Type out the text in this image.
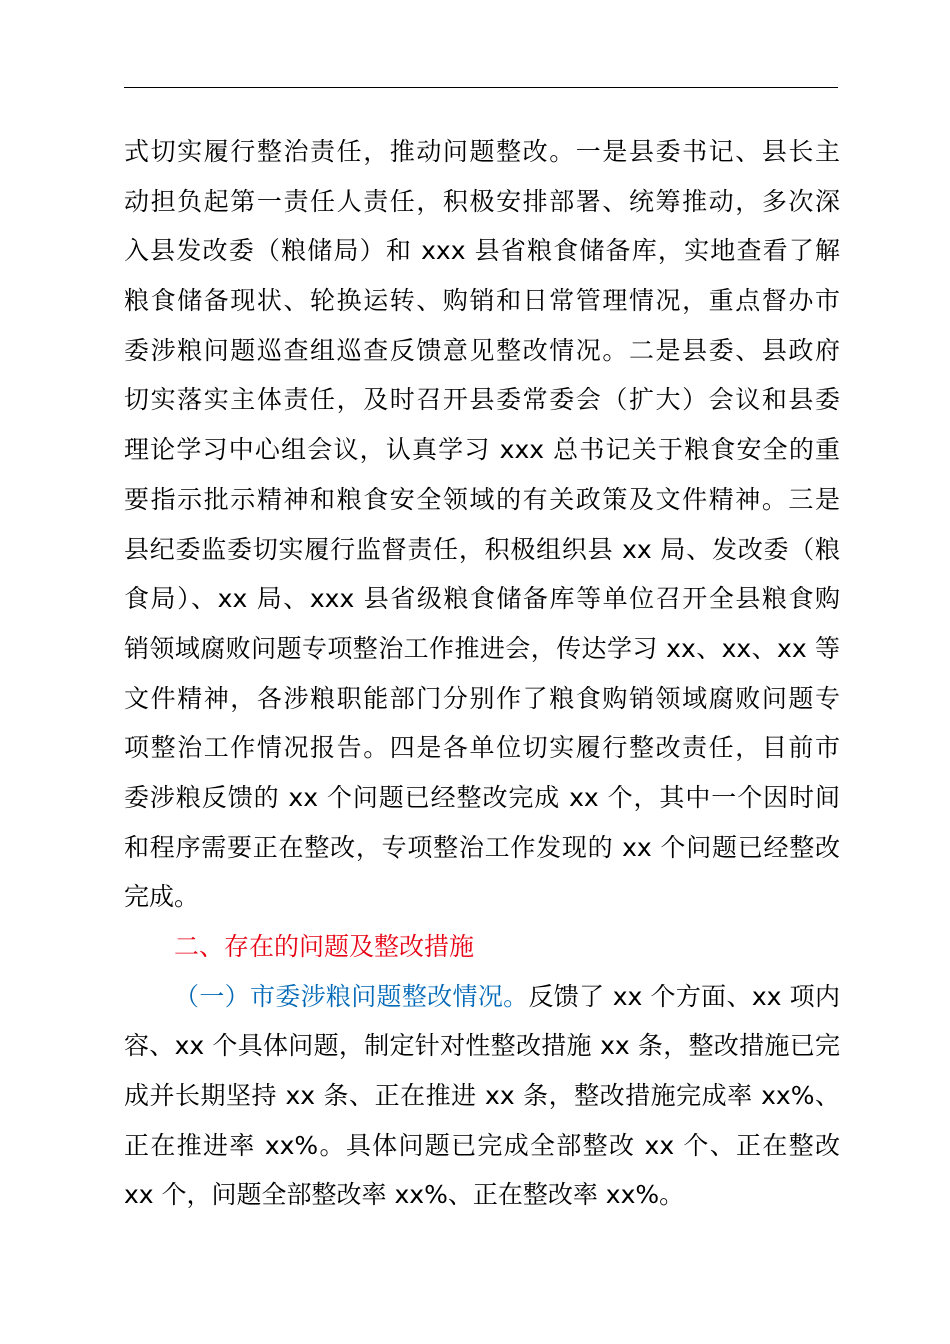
式切实履行整治责任，推动问题整改。一是县委书记、县长主
动担负起第一责任人责任，积极安排部署、统筹推动，多次深
入县发改委（粮储局）和 xxx 县省粮食储备库，实地查看了解
粮食储备现状、轮换运转、购销和日常管理情况，重点督办市
委涉粮问题巡查组巡查反馈意见整改情况。二是县委、县政府
切实落实主体责任，及时召开县委常委会（扩大）会议和县委
理论学习中心组会议，认真学习 xxx 总书记关于粮食安全的重
要指示批示精神和粮食安全领域的有关政策及文件精神。三是
县纪委监委切实履行监督责任，积极组织县 xx 局、发改委（粮
食局）、xx 局、xxx 县省级粮食储备库等单位召开全县粮食购
销领域腐败问题专项整治工作推进会，传达学习 xx、xx、xx 等
文件精神，各涉粮职能部门分别作了粮食购销领域腐败问题专
项整治工作情况报告。四是各单位切实履行整改责任，目前市
委涉粮反馈的 xx 个问题已经整改完成 xx 个，其中一个因时间
和程序需要正在整改，专项整治工作发现的 xx 个问题已经整改
完成。
二、存在的问题及整改措施
（一）市委涉粮问题整改情况。反馈了 xx 个方面、xx 项内
容、xx 个具体问题，制定针对性整改措施 xx 条，整改措施已完
成并长期坚持 xx 条、正在推进 xx 条，整改措施完成率 xx%、
正在推进率 xx%。具体问题已完成全部整改 xx 个、正在整改
xx 个，问题全部整改率 xx%、正在整改率 xx%。
